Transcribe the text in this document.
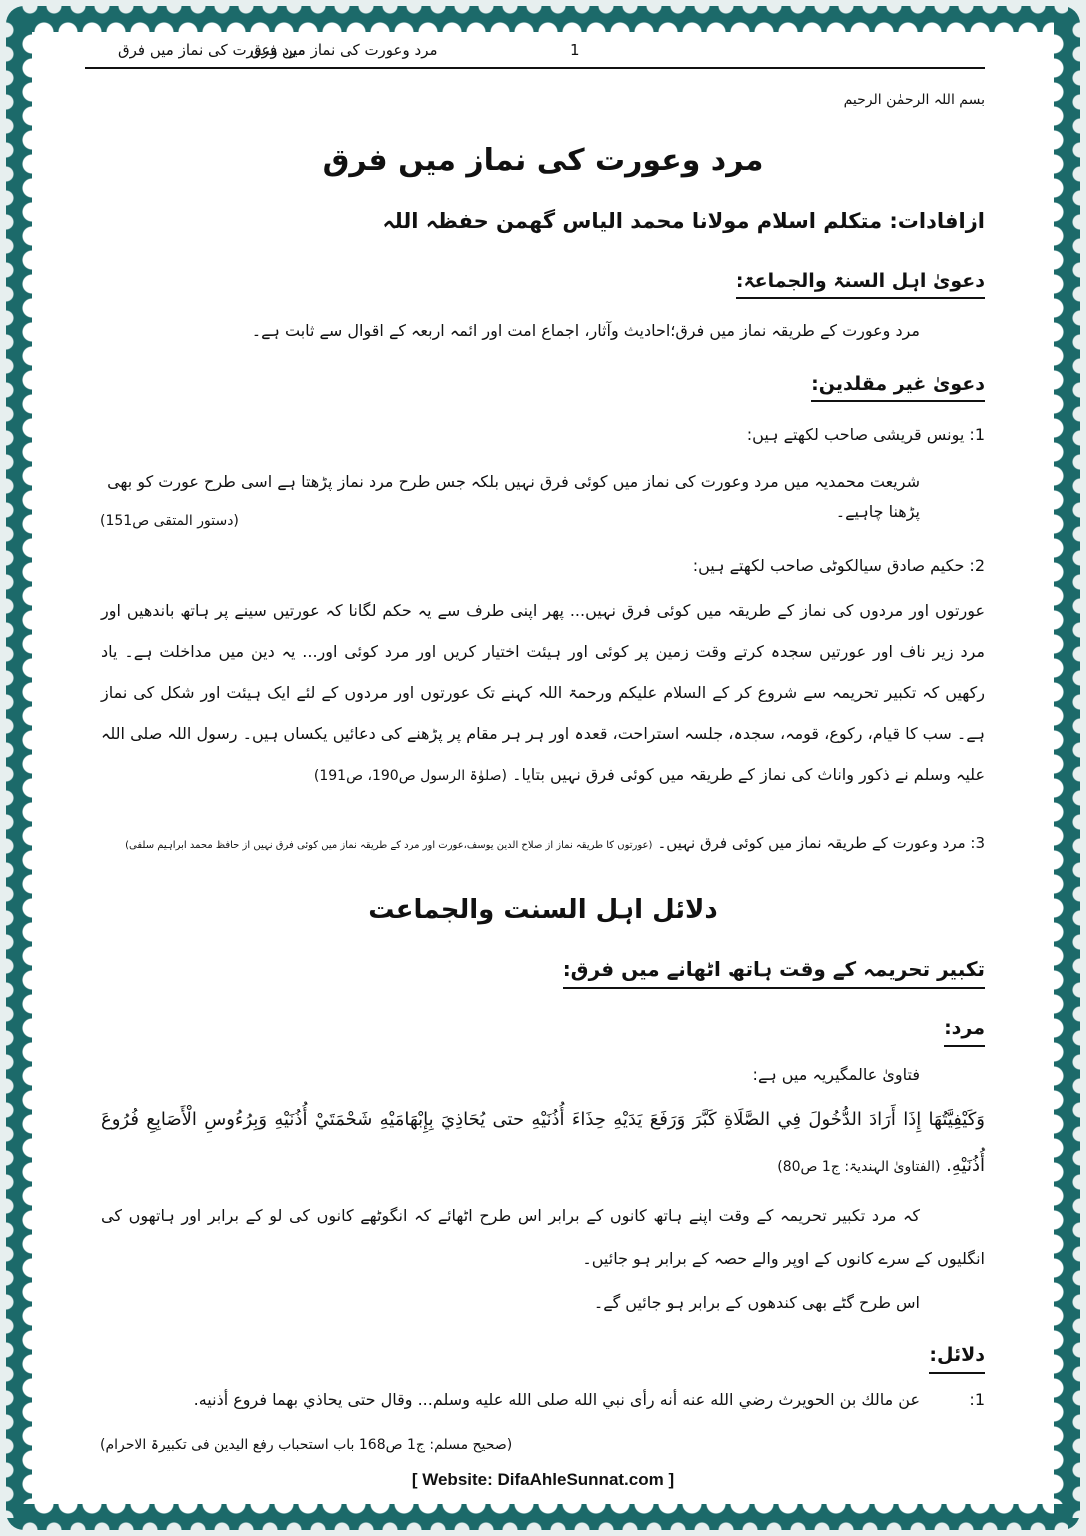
مرد وعورت کی نماز میں فرق
مرد وعورت کی نماز میں فرق	1
بسم اللہ الرحمٰن الرحیم
مرد وعورت کی نماز میں فرق
ازافادات: متکلم اسلام مولانا محمد الیاس گھمن حفظہ اللہ
دعویٰ اہل السنۃ والجماعۃ:
مرد وعورت کے طریقہ نماز میں فرق؛احادیث وآثار، اجماع امت اور ائمہ اربعہ کے اقوال سے ثابت ہے۔
دعویٰ غیر مقلدین:
1: یونس قریشی صاحب لکھتے ہیں:
شریعت محمدیہ میں مرد وعورت کی نماز میں کوئی فرق نہیں بلکہ جس طرح مرد نماز پڑھتا ہے اسی طرح عورت کو بھی پڑھنا چاہیے۔
(دستور المتقی ص151)
2: حکیم صادق سیالکوٹی صاحب لکھتے ہیں:
عورتوں اور مردوں کی نماز کے طریقہ میں کوئی فرق نہیں... پھر اپنی طرف سے یہ حکم لگانا کہ عورتیں سینے پر ہاتھ باندھیں اور مرد زیر ناف اور عورتیں سجدہ کرتے وقت زمین پر کوئی اور ہیئت اختیار کریں اور مرد کوئی اور... یہ دین میں مداخلت ہے۔ یاد رکھیں کہ تکبیر تحریمہ سے شروع کر کے السلام علیکم ورحمۃ اللہ کہنے تک عورتوں اور مردوں کے لئے ایک ہیئت اور شکل کی نماز ہے۔ سب کا قیام، رکوع، قومہ، سجدہ، جلسہ استراحت، قعدہ اور ہر ہر مقام پر پڑھنے کی دعائیں یکساں ہیں۔ رسول اللہ صلی اللہ علیہ وسلم نے ذکور واناث کی نماز کے طریقہ میں کوئی فرق نہیں بتایا۔ (صلوٰۃ الرسول ص190، ص191)
3: مرد وعورت کے طریقہ نماز میں کوئی فرق نہیں۔ (عورتوں کا طریقہ نماز از صلاح الدین یوسف،عورت اور مرد کے طریقہ نماز میں کوئی فرق نہیں از حافظ محمد ابراہیم سلفی)
دلائل اہل السنت والجماعت
تکبیر تحریمہ کے وقت ہاتھ اٹھانے میں فرق:
مرد:
فتاویٰ عالمگیریہ میں ہے:
وَكَيْفِيَّتُهَا إِذَا أَرَادَ الدُّخُولَ فِي الصَّلَاةِ كَبَّرَ وَرَفَعَ يَدَيْهِ حِذَاءَ أُذُنَيْهِ حتى يُحَاذِيَ بِإِبْهَامَيْهِ شَحْمَتَيْ أُذُنَيْهِ وَبِرُءُوسِ الْأَصَابِعِ فُرُوعَ أُذُنَيْهِ. (الفتاویٰ الہندیۃ: ج1 ص80)
کہ مرد تکبیر تحریمہ کے وقت اپنے ہاتھ کانوں کے برابر اس طرح اٹھائے کہ انگوٹھے کانوں کی لو کے برابر اور ہاتھوں کی انگلیوں کے سرے کانوں کے اوپر والے حصہ کے برابر ہو جائیں۔
اس طرح گٹے بھی کندھوں کے برابر ہو جائیں گے۔
دلائل:
1:
عن مالك بن الحويرث رضي الله عنه أنه رأى نبي الله صلى الله عليه وسلم... وقال حتى يحاذي بهما فروع أذنيه.
(صحیح مسلم: ج1 ص168 باب استحباب رفع الیدین فی تکبیرۃ الاحرام)
[ Website: DifaAhleSunnat.com ]
